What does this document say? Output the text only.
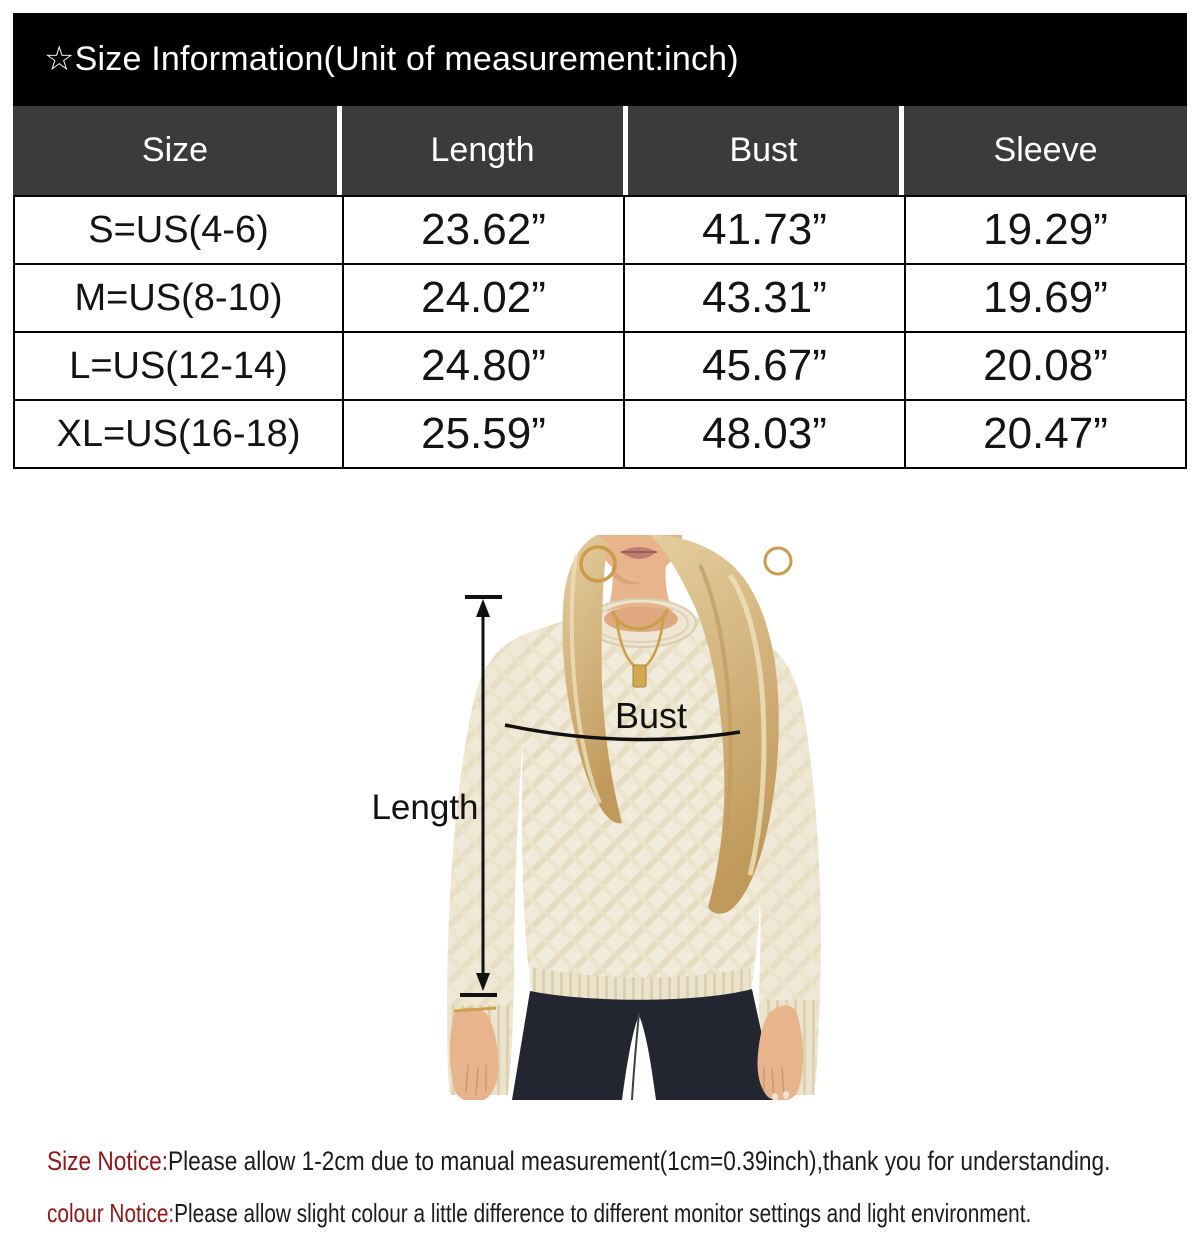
☆Size Information(Unit of measurement:inch)
Size	Length	Bust	Sleeve
S=US(4-6)	23.62”	41.73”	19.29”
M=US(8-10)	24.02”	43.31”	19.69”
L=US(12-14)	24.80”	45.67”	20.08”
XL=US(16-18)	25.59”	48.03”	20.47”
Length
Bust
Size Notice:Please allow 1-2cm due to manual measurement(1cm=0.39inch),thank you for understanding.
colour Notice:Please allow slight colour a little difference to different monitor settings and light environment.
